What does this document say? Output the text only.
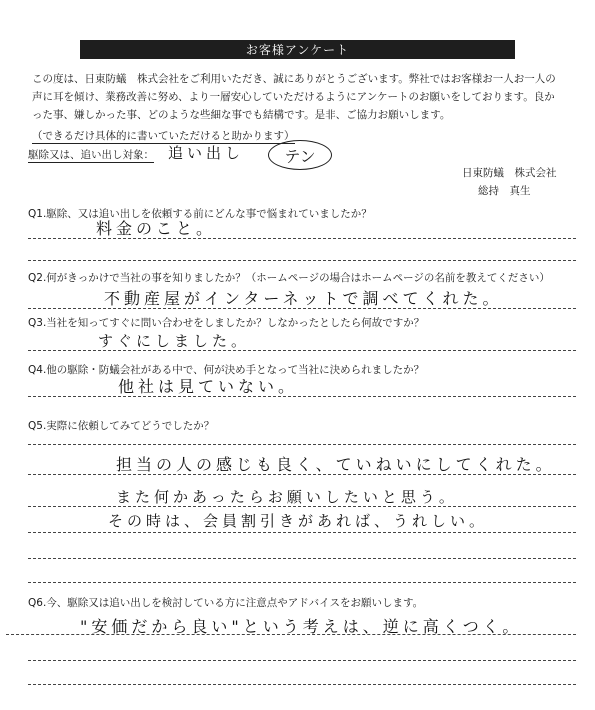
お客様アンケート
この度は、日東防蟻　株式会社をご利用いただき、誠にありがとうございます。弊社ではお客様お一人お一人の
声に耳を傾け、業務改善に努め、より一層安心していただけるようにアンケートのお願いをしております。良か
った事、嫌しかった事、どのような些細な事でも結構です。是非、ご協力お願いします。
（できるだけ具体的に書いていただけると助かります）
駆除又は、追い出し対象： 追い出し	テン
日東防蟻　株式会社
総持　真生
Q1.駆除、又は追い出しを依頼する前にどんな事で悩まれていましたか？
料金のこと。
Q2.何がきっかけで当社の事を知りましたか？（ホームページの場合はホームページの名前を教えてください）
不動産屋がインターネットで調べてくれた。
Q3.当社を知ってすぐに問い合わせをしましたか？しなかったとしたら何故ですか？
すぐにしました。
Q4.他の駆除・防蟻会社がある中で、何が決め手となって当社に決められましたか？
他社は見ていない。
Q5.実際に依頼してみてどうでしたか？
担当の人の感じも良く、ていねいにしてくれた。
また何かあったらお願いしたいと思う。
その時は、会員割引きがあれば、うれしい。
Q6.今、駆除又は追い出しを検討している方に注意点やアドバイスをお願いします。
"安価だから良い"という考えは、逆に高くつく。
